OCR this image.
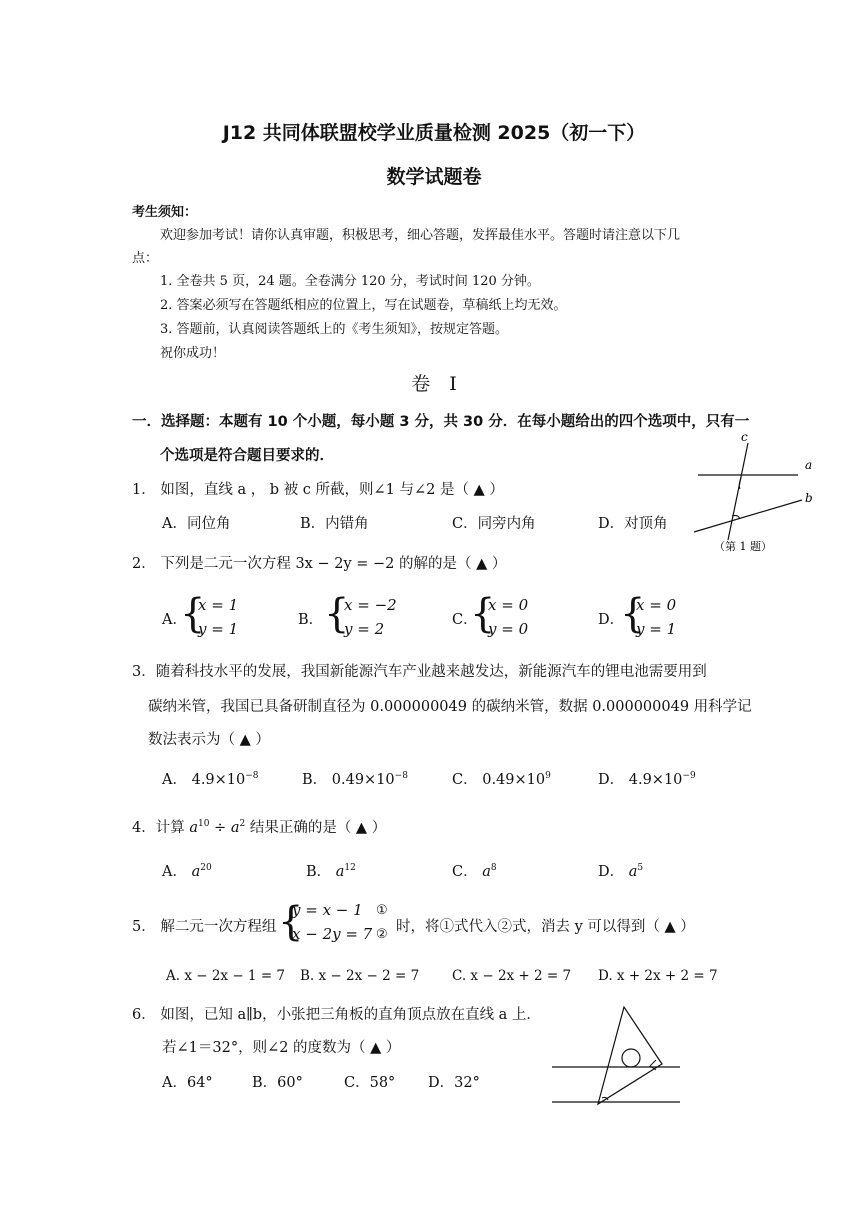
J12 共同体联盟校学业质量检测 2025（初一下）
数学试题卷
考生须知：
欢迎参加考试！请你认真审题，积极思考，细心答题，发挥最佳水平。答题时请注意以下几
点：
1. 全卷共 5 页，24 题。全卷满分 120 分，考试时间 120 分钟。
2. 答案必须写在答题纸相应的位置上，写在试题卷，草稿纸上均无效。
3. 答题前，认真阅读答题纸上的《考生须知》，按规定答题。
祝你成功！
卷　I
一．选择题：本题有 10 个小题，每小题 3 分，共 30 分．在每小题给出的四个选项中，只有一
个选项是符合题目要求的．
1． 如图，直线 a ， b 被 c 所截，则∠1 与∠2 是（ ▲ ）
A．同位角	B．内错角	C．同旁内角	D．对顶角
c
a
b
（第 1 题）
2． 下列是二元一次方程 3x − 2y = −2 的解的是（ ▲ ）
A．
{
x = 1
y = 1	B． {
x = −2
y = 2	C．
{
x = 0
y = 0	D．
{
x = 0
y = 1
3．随着科技水平的发展，我国新能源汽车产业越来越发达，新能源汽车的锂电池需要用到
碳纳米管，我国已具备研制直径为 0.000000049 的碳纳米管，数据 0.000000049 用科学记
数法表示为（ ▲ ）
A． $4.9\times 10^{-8}$	B． $0.49\times 10^{-8}$	C． $0.49\times 10^9$	D． $4.9\times 10^{-9}$
4．计算 $a^{10} \div a^2$ 结果正确的是（ ▲ ）
A． $a^{20}$	B． $a^{12}$	C． $a^8$	D． $a^5$
5． 解二元一次方程组 {
y = x − 1
x − 2y = 7
①
② 时，将①式代入②式，消去 y 可以得到（ ▲ ）
A. x − 2x − 1 = 7 B. x − 2x − 2 = 7 C. x − 2x + 2 = 7 D. x + 2x + 2 = 7
6． 如图，已知 a∥b，小张把三角板的直角顶点放在直线 a 上．
若∠1＝32°，则∠2 的度数为（ ▲ ）
A．64°	B．60°	C．58° D．32°
